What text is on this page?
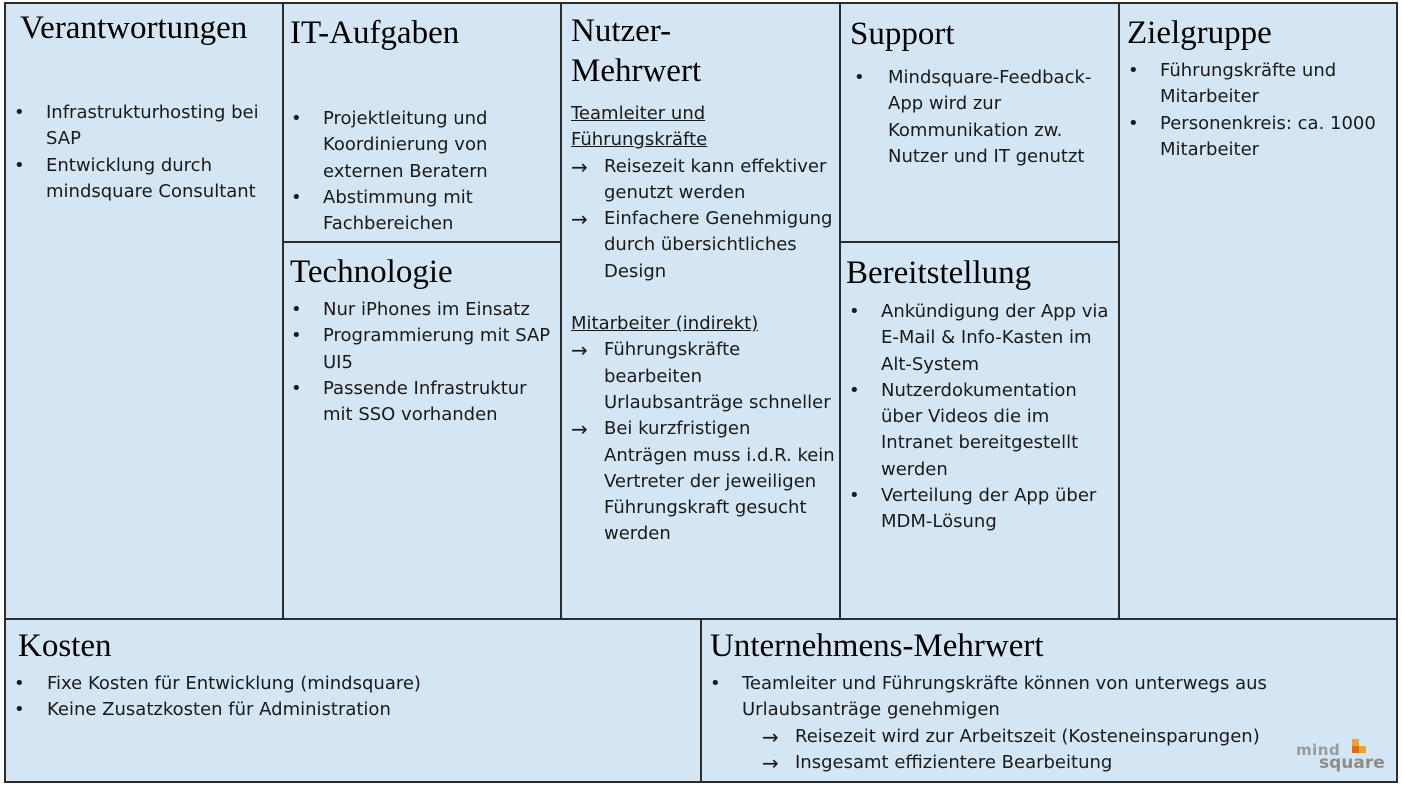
Verantwortungen
• Infrastrukturhosting bei SAP
• Entwicklung durch mindsquare Consultant
IT-Aufgaben
• Projektleitung und Koordinierung von externen Beratern
• Abstimmung mit Fachbereichen
Technologie
• Nur iPhones im Einsatz
• Programmierung mit SAP UI5
• Passende Infrastruktur mit SSO vorhanden
Nutzer-
Mehrwert
Teamleiter und Führungskräfte
→ Reisezeit kann effektiver genutzt werden
→ Einfachere Genehmigung durch übersichtliches Design
Mitarbeiter (indirekt)
→ Führungskräfte bearbeiten Urlaubsanträge schneller
→ Bei kurzfristigen Anträgen muss i.d.R. kein Vertreter der jeweiligen Führungskraft gesucht werden
Support
• Mindsquare-Feedback-App wird zur Kommunikation zw. Nutzer und IT genutzt
Bereitstellung
• Ankündigung der App via E-Mail & Info-Kasten im Alt-System
• Nutzerdokumentation über Videos die im Intranet bereitgestellt werden
• Verteilung der App über MDM-Lösung
Zielgruppe
• Führungskräfte und Mitarbeiter
• Personenkreis: ca. 1000 Mitarbeiter
Kosten
• Fixe Kosten für Entwicklung (mindsquare)
• Keine Zusatzkosten für Administration
Unternehmens-Mehrwert
• Teamleiter und Führungskräfte können von unterwegs aus Urlaubsanträge genehmigen
→ Reisezeit wird zur Arbeitszeit (Kosteneinsparungen)
→ Insgesamt effizientere Bearbeitung
mind
square
